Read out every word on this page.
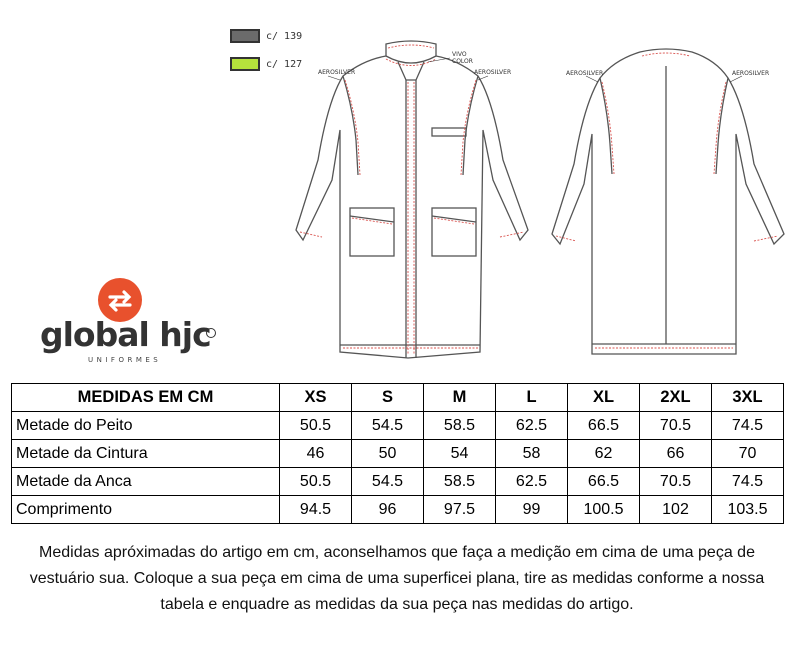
c/ 139
c/ 127
VIVO
COLOR
AEROSILVER	AEROSILVER	AEROSILVER	AEROSILVER
global hjc
UNIFORMES
MEDIDAS EM CM	XS	S	M	L	XL	2XL	3XL
Metade do Peito	50.5	54.5	58.5	62.5	66.5	70.5	74.5
Metade da Cintura	46	50	54	58	62	66	70
Metade da Anca	50.5	54.5	58.5	62.5	66.5	70.5	74.5
Comprimento	94.5	96	97.5	99	100.5	102	103.5
Medidas apróximadas do artigo em cm, aconselhamos que faça a medição em cima de uma peça de vestuário sua. Coloque a sua peça em cima de uma superficei plana, tire as medidas conforme a nossa tabela e enquadre as medidas da sua peça nas medidas do artigo.
